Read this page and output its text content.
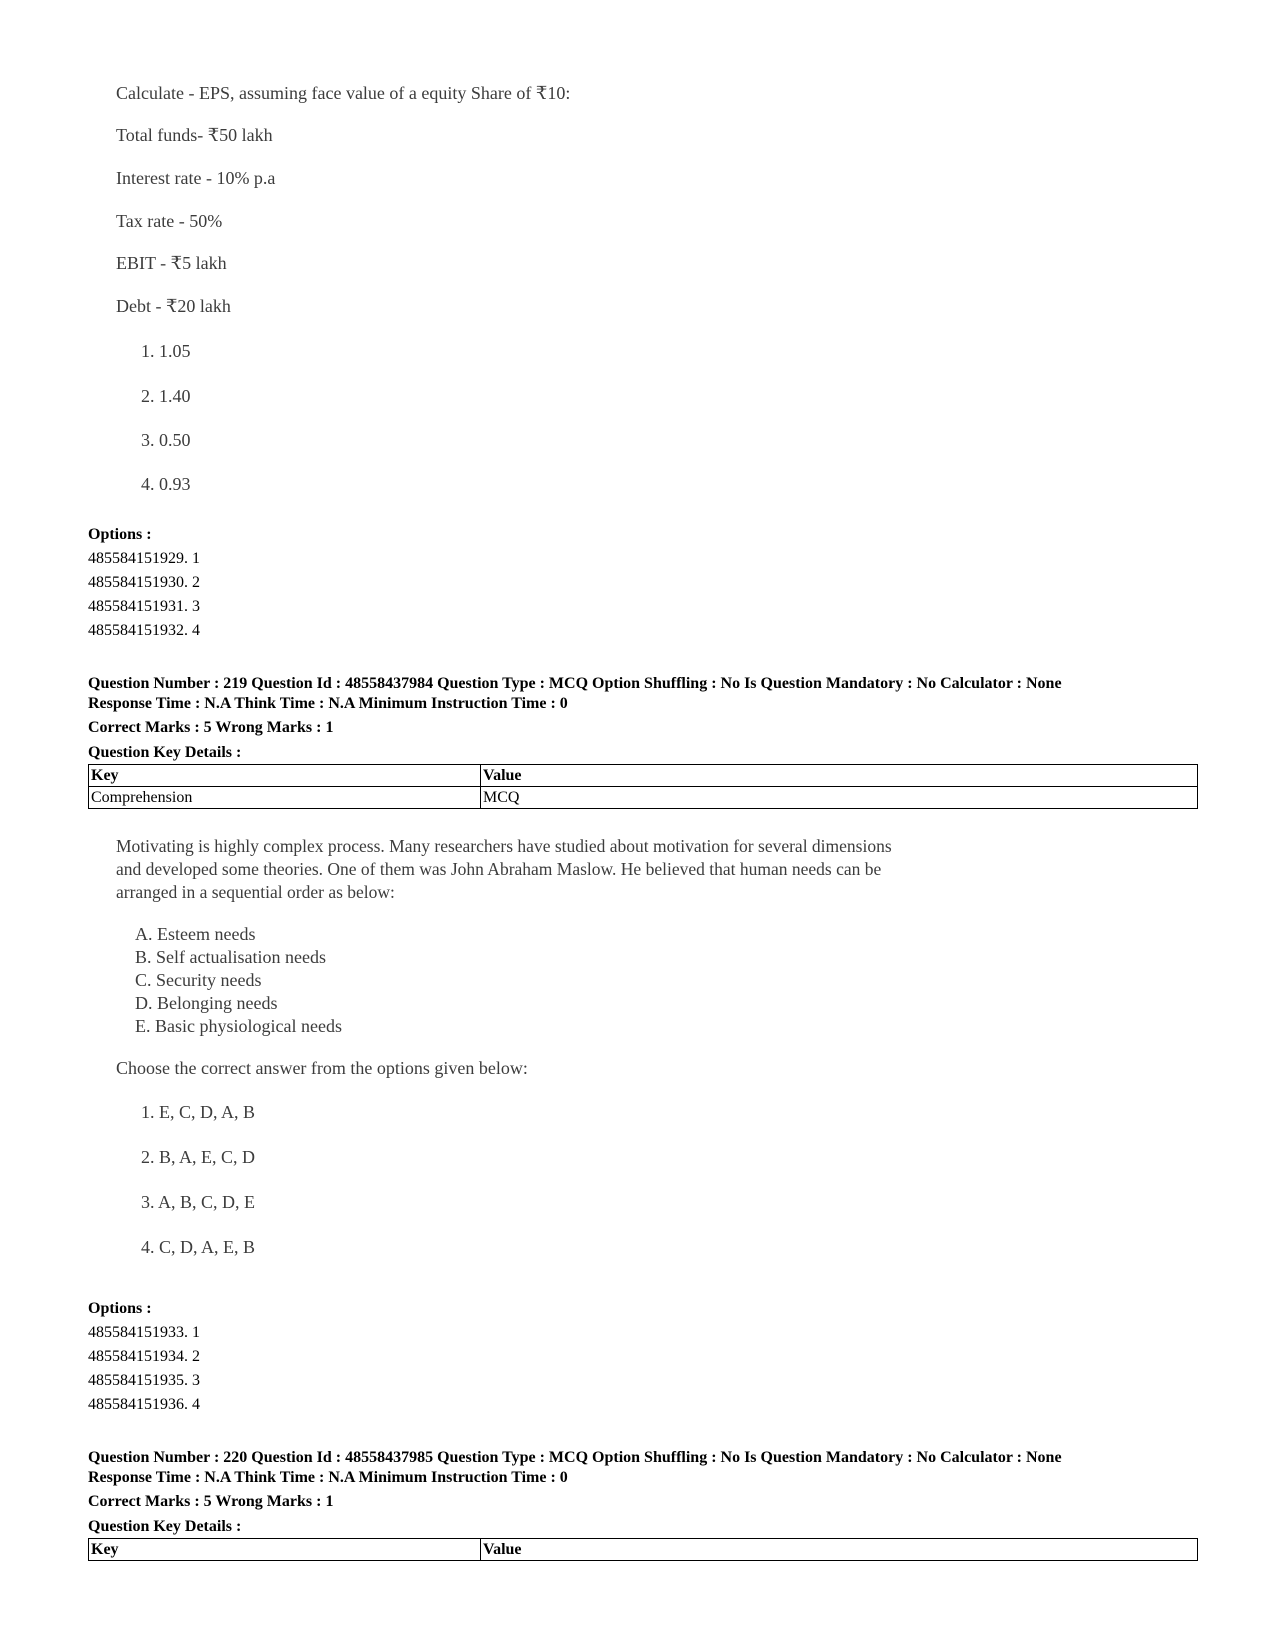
Calculate - EPS, assuming face value of a equity Share of ₹10:
Total funds- ₹50 lakh
Interest rate - 10% p.a
Tax rate - 50%
EBIT - ₹5 lakh
Debt - ₹20 lakh
1. 1.05
2. 1.40
3. 0.50
4. 0.93
Options :
485584151929. 1
485584151930. 2
485584151931. 3
485584151932. 4
Question Number : 219 Question Id : 48558437984 Question Type : MCQ Option Shuffling : No Is Question Mandatory : No Calculator : None
Response Time : N.A Think Time : N.A Minimum Instruction Time : 0
Correct Marks : 5 Wrong Marks : 1
Question Key Details :
Key	Value
Comprehension	MCQ
Motivating is highly complex process. Many researchers have studied about motivation for several dimensions
and developed some theories. One of them was John Abraham Maslow. He believed that human needs can be
arranged in a sequential order as below:
A. Esteem needs
B. Self actualisation needs
C. Security needs
D. Belonging needs
E. Basic physiological needs
Choose the correct answer from the options given below:
1. E, C, D, A, B
2. B, A, E, C, D
3. A, B, C, D, E
4. C, D, A, E, B
Options :
485584151933. 1
485584151934. 2
485584151935. 3
485584151936. 4
Question Number : 220 Question Id : 48558437985 Question Type : MCQ Option Shuffling : No Is Question Mandatory : No Calculator : None
Response Time : N.A Think Time : N.A Minimum Instruction Time : 0
Correct Marks : 5 Wrong Marks : 1
Question Key Details :
Key	Value
